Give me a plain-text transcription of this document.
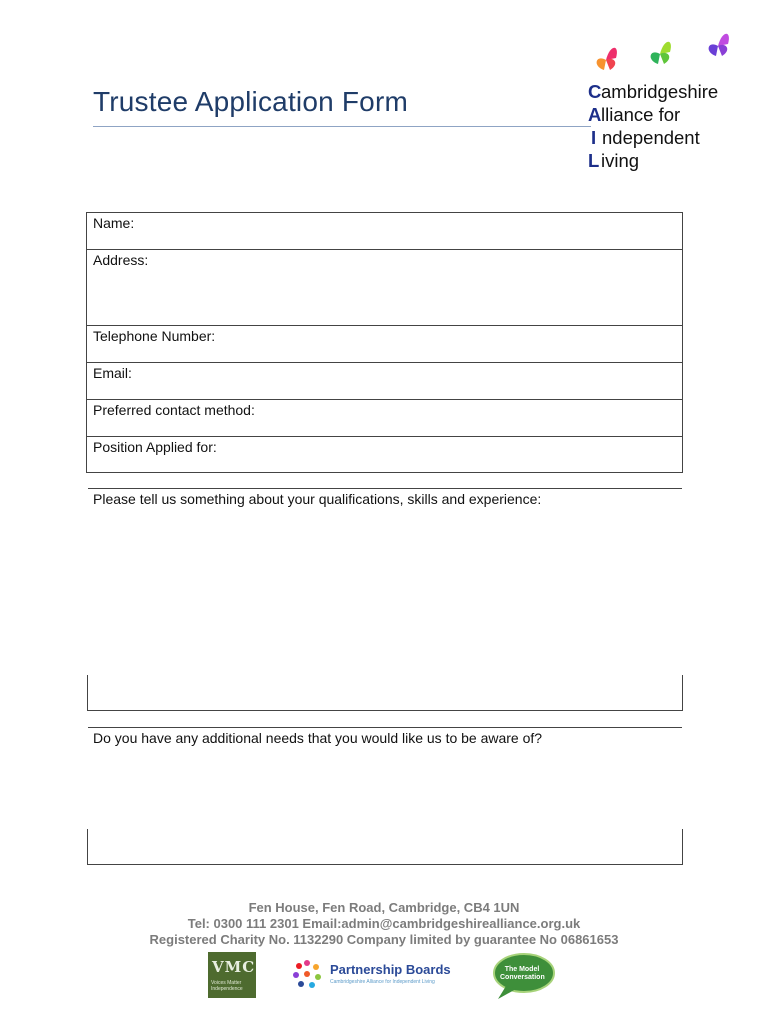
Trustee Application Form	Cambridgeshire
Alliance for
I ndependent
Living
Name:
Address:
Telephone Number:
Email:
Preferred contact method:
Position Applied for:
Please tell us something about your qualifications, skills and experience:
Do you have any additional needs that you would like us to be aware of?
Fen House, Fen Road, Cambridge, CB4 1UN
Tel: 0300 111 2301 Email:admin@cambridgeshirealliance.org.uk
Registered Charity No. 1132290 Company limited by guarantee No 06861653
VMC
Voices Matter Independence
Partnership Boards
Cambridgeshire Alliance for Independent Living
The Model Conversation
